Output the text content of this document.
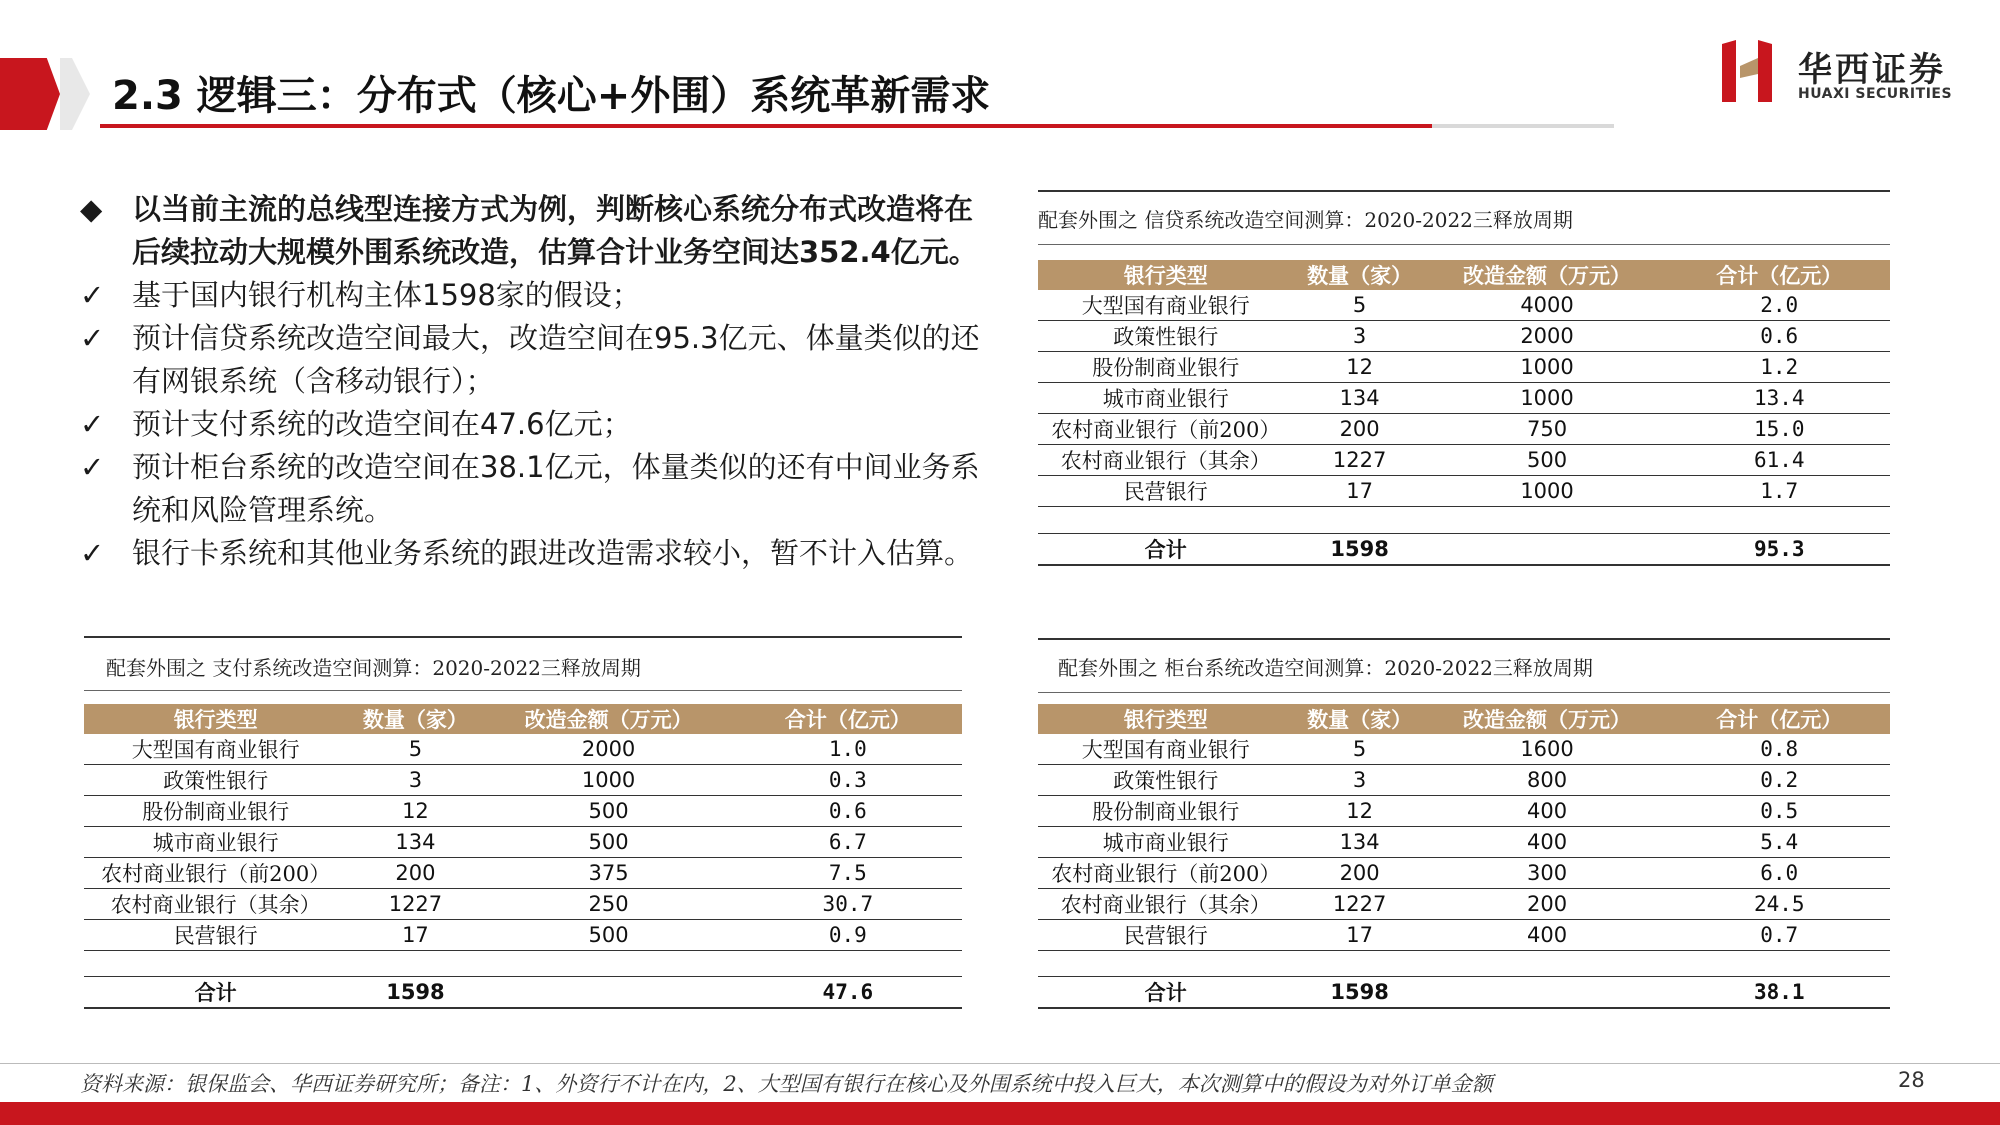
2.3 逻辑三：分布式（核心+外围）系统革新需求
华西证券
HUAXI SECURITIES
◆	以当前主流的总线型连接方式为例，判断核心系统分布式改造将在后续拉动大规模外围系统改造，估算合计业务空间达352.4亿元。
✓ 基于国内银行机构主体1598家的假设；
✓ 预计信贷系统改造空间最大，改造空间在95.3亿元、体量类似的还有网银系统（含移动银行）；
✓ 预计支付系统的改造空间在47.6亿元；
✓ 预计柜台系统的改造空间在38.1亿元，体量类似的还有中间业务系统和风险管理系统。
✓ 银行卡系统和其他业务系统的跟进改造需求较小，暂不计入估算。
配套外围之 信贷系统改造空间测算：2020-2022三释放周期
银行类型	数量（家）	改造金额（万元）	合计（亿元）
大型国有商业银行	5	4000	2.0
政策性银行	3	2000	0.6
股份制商业银行	12	1000	1.2
城市商业银行	134	1000	13.4
农村商业银行（前200）	200	750	15.0
农村商业银行（其余）	1227	500	61.4
民营银行	17	1000	1.7

合计	1598		95.3
配套外围之 支付系统改造空间测算：2020-2022三释放周期
银行类型	数量（家）	改造金额（万元）	合计（亿元）
大型国有商业银行	5	2000	1.0
政策性银行	3	1000	0.3
股份制商业银行	12	500	0.6
城市商业银行	134	500	6.7
农村商业银行（前200）	200	375	7.5
农村商业银行（其余）	1227	250	30.7
民营银行	17	500	0.9

合计	1598		47.6
配套外围之 柜台系统改造空间测算：2020-2022三释放周期
银行类型	数量（家）	改造金额（万元）	合计（亿元）
大型国有商业银行	5	1600	0.8
政策性银行	3	800	0.2
股份制商业银行	12	400	0.5
城市商业银行	134	400	5.4
农村商业银行（前200）	200	300	6.0
农村商业银行（其余）	1227	200	24.5
民营银行	17	400	0.7

合计	1598		38.1
资料来源：银保监会、华西证券研究所；备注：1、外资行不计在内，2、大型国有银行在核心及外围系统中投入巨大，本次测算中的假设为对外订单金额	28
